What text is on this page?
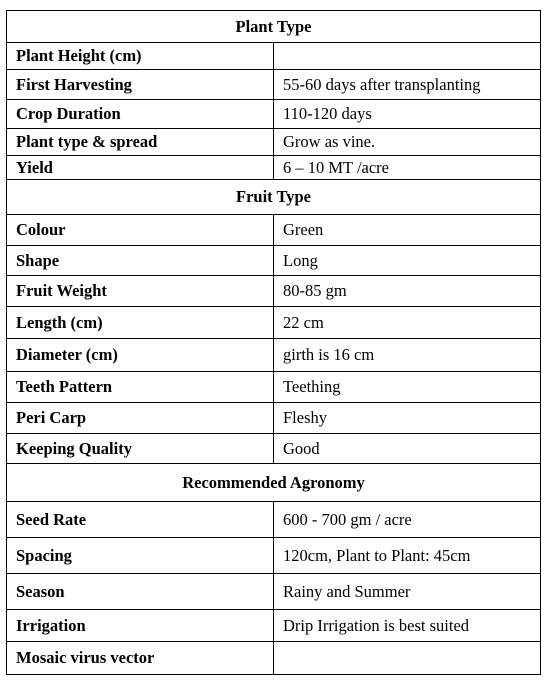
Plant Type	
Plant Height (cm)	
First Harvesting	55-60 days after transplanting
Crop Duration	110-120 days
Plant type & spread	Grow as vine.
Yield	6 – 10 MT /acre
Fruit Type	
Colour	Green
Shape	Long
Fruit Weight	80-85 gm
Length (cm)	22 cm
Diameter (cm)	girth is 16 cm
Teeth Pattern	Teething
Peri Carp	Fleshy
Keeping Quality	Good
Recommended Agronomy	
Seed Rate	600 - 700 gm / acre
Spacing	120cm, Plant to Plant: 45cm
Season	Rainy and Summer
Irrigation	Drip Irrigation is best suited
Mosaic virus vector	
